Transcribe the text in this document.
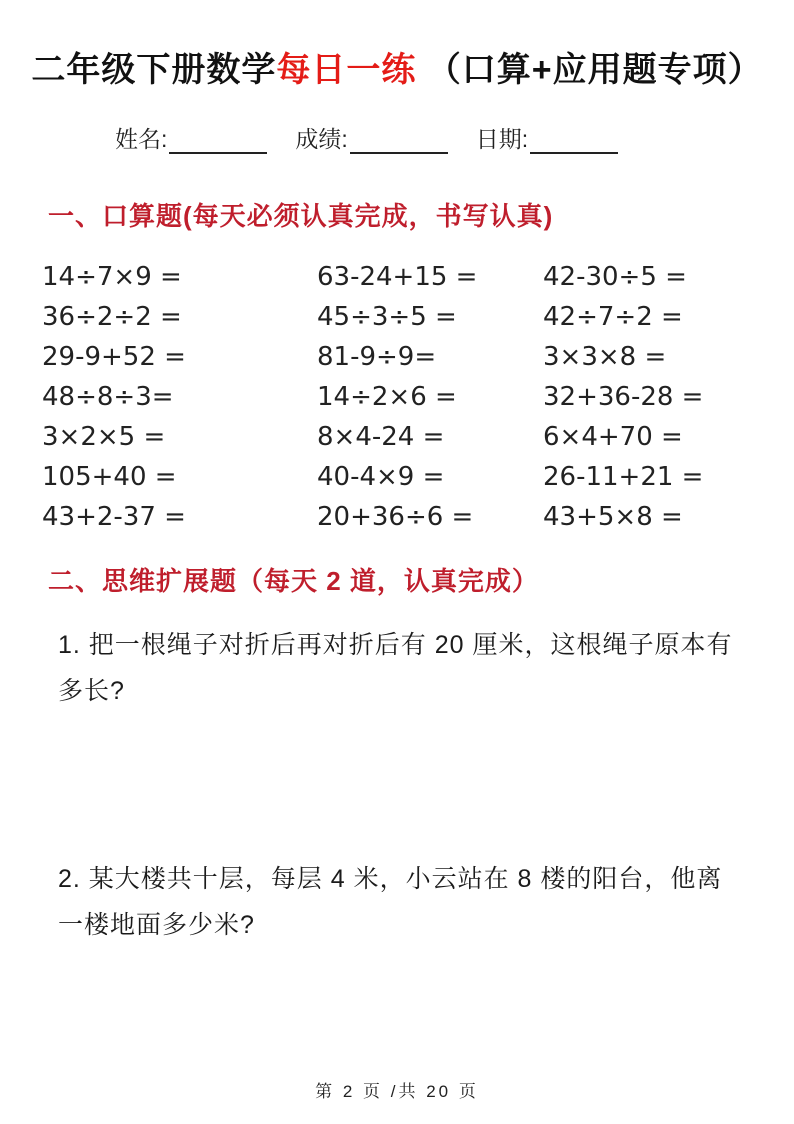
二年级下册数学每日一练 （口算+应用题专项）
姓名:	成绩:	日期:
一、口算题(每天必须认真完成，书写认真)
14÷7×9 =	63-24+15 =	42-30÷5 =
36÷2÷2 =	45÷3÷5 =	42÷7÷2 =
29-9+52 =	81-9÷9=	3×3×8 =
48÷8÷3=	14÷2×6 =	32+36-28 =
3×2×5 =	8×4-24 =	6×4+70 =
105+40 =	40-4×9 =	26-11+21 =
43+2-37 =	20+36÷6 =	43+5×8 =
二、思维扩展题（每天 2 道，认真完成）

1. 把一根绳子对折后再对折后有 20 厘米，这根绳子原本有多长?

2. 某大楼共十层，每层 4 米，小云站在 8 楼的阳台，他离一楼地面多少米?

第 2 页 /共 20 页
